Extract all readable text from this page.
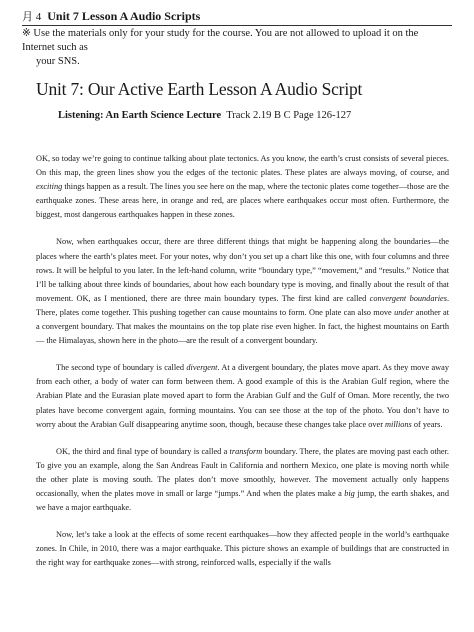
月 4 Unit 7 Lesson A Audio Scripts
※ Use the materials only for your study for the course. You are not allowed to upload it on the Internet such as
your SNS.
Unit 7: Our Active Earth Lesson A Audio Script
Listening: An Earth Science Lecture Track 2.19 B C Page 126-127

OK, so today we’re going to continue talking about plate tectonics. As you know, the earth’s crust consists of several pieces. On this map, the green lines show you the edges of the tectonic plates. These plates are always moving, of course, and exciting things happen as a result. The lines you see here on the map, where the tectonic plates come together—those are the earthquake zones. These areas here, in orange and red, are places where earthquakes occur most often. Furthermore, the biggest, most dangerous earthquakes happen in these zones.

Now, when earthquakes occur, there are three different things that might be happening along the boundaries—the places where the earth’s plates meet. For your notes, why don’t you set up a chart like this one, with four columns and three rows. It will be helpful to you later. In the left-hand column, write “boundary type,” “movement,” and “results.” Notice that I’ll be talking about three kinds of boundaries, about how each boundary type is moving, and finally about the result of that movement. OK, as I mentioned, there are three main boundary types. The first kind are called convergent boundaries. There, plates come together. This pushing together can cause mountains to form. One plate can also move under another at a convergent boundary. That makes the mountains on the top plate rise even higher. In fact, the highest mountains on Earth— the Himalayas, shown here in the photo—are the result of a convergent boundary.

The second type of boundary is called divergent. At a divergent boundary, the plates move apart. As they move away from each other, a body of water can form between them. A good example of this is the Arabian Gulf region, where the Arabian Plate and the Eurasian plate moved apart to form the Arabian Gulf and the Gulf of Oman. More recently, the two plates have become convergent again, forming mountains. You can see those at the top of the photo. You don’t have to worry about the Arabian Gulf disappearing anytime soon, though, because these changes take place over millions of years.

OK, the third and final type of boundary is called a transform boundary. There, the plates are moving past each other. To give you an example, along the San Andreas Fault in California and northern Mexico, one plate is moving north while the other plate is moving south. The plates don’t move smoothly, however. The movement actually only happens occasionally, when the plates move in small or large “jumps.” And when the plates make a big jump, the earth shakes, and we have a major earthquake.

Now, let’s take a look at the effects of some recent earthquakes—how they affected people in the world’s earthquake zones. In Chile, in 2010, there was a major earthquake. This picture shows an example of buildings that are constructed in the right way for earthquake zones—with strong, reinforced walls, especially if the walls
